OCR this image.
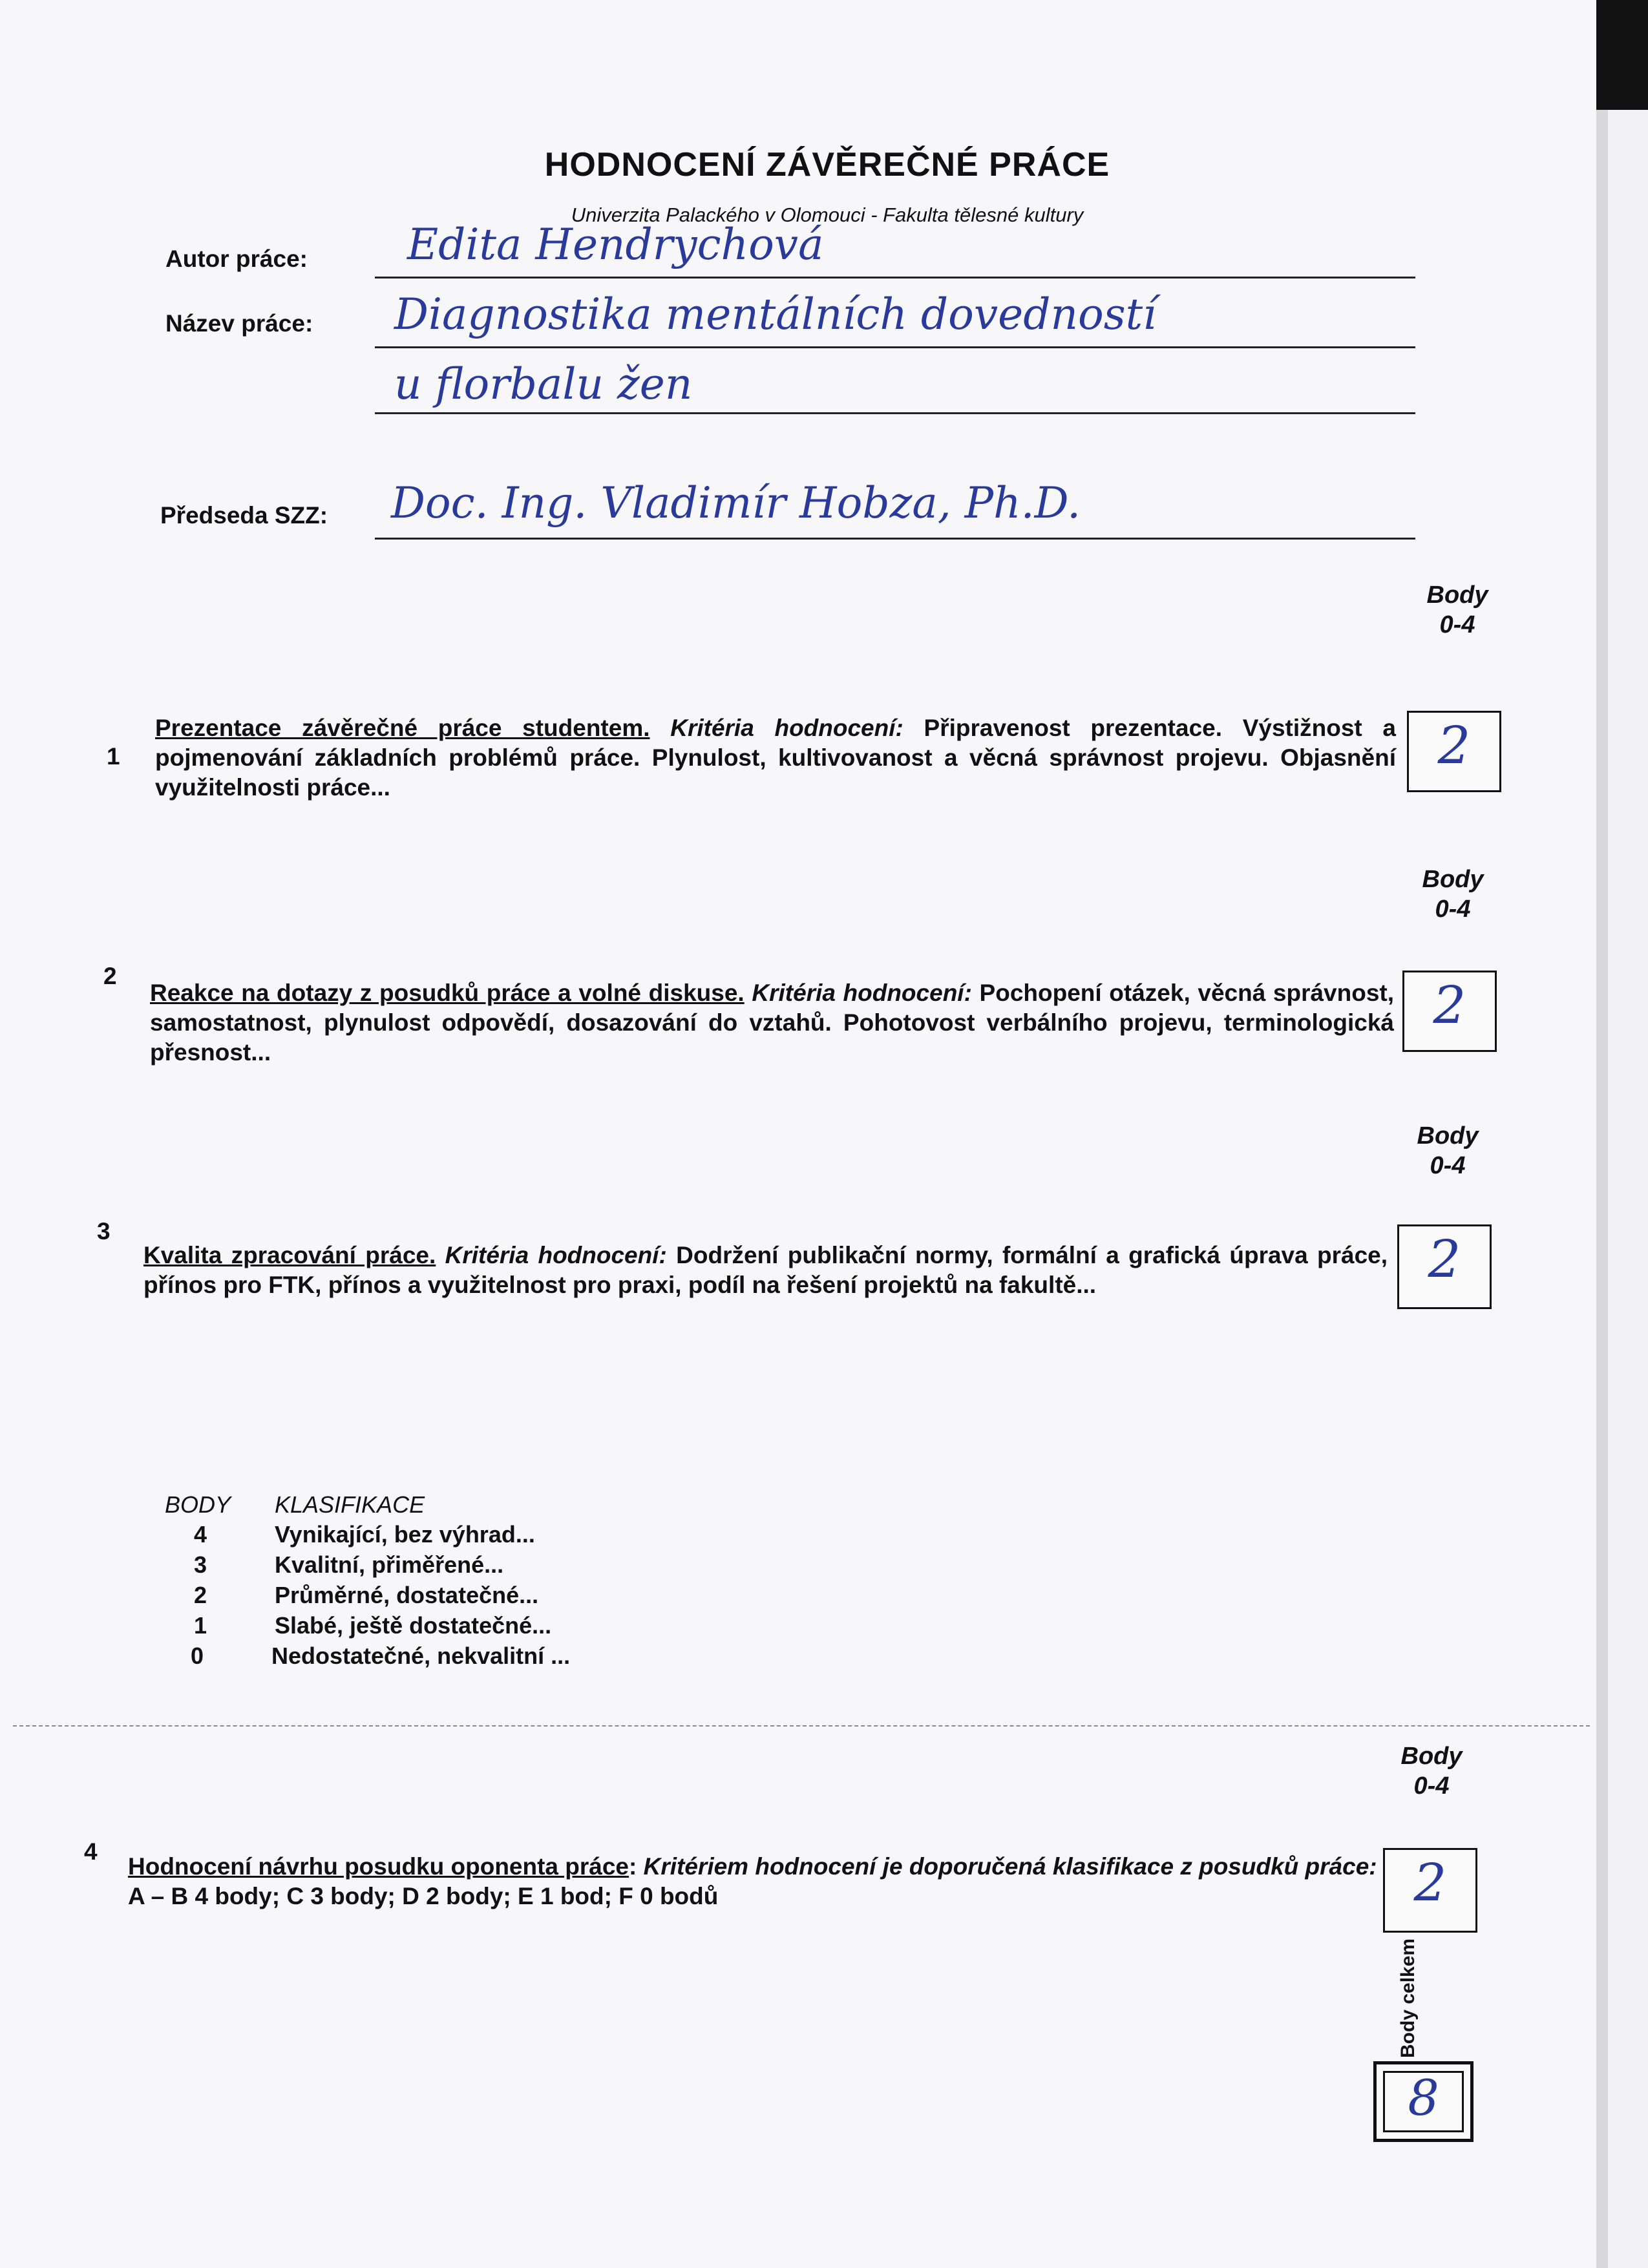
HODNOCENÍ ZÁVĚREČNÉ PRÁCE
Univerzita Palackého v Olomouci - Fakulta tělesné kultury
Autor práce: Edita Hendrychová
Název práce: Diagnostika mentálních dovedností
u florbalu žen
Předseda SZZ: Doc. Ing. Vladimír Hobza, Ph.D.
Body
0-4
1
Prezentace závěrečné práce studentem. Kritéria hodnocení: Připravenost prezentace. Výstižnost a pojmenování základních problémů práce. Plynulost, kultivovanost a věcná správnost projevu. Objasnění využitelnosti práce...
2
Body
0-4
2
Reakce na dotazy z posudků práce a volné diskuse. Kritéria hodnocení: Pochopení otázek, věcná správnost, samostatnost, plynulost odpovědí, dosazování do vztahů. Pohotovost verbálního projevu, terminologická přesnost...
2
Body
0-4
3
Kvalita zpracování práce. Kritéria hodnocení: Dodržení publikační normy, formální a grafická úprava práce, přínos pro FTK, přínos a využitelnost pro praxi, podíl na řešení projektů na fakultě...	2
BODY KLASIFIKACE
4	Vynikající, bez výhrad...
3	Kvalitní, přiměřené...
2	Průměrné, dostatečné...
1	Slabé, ještě dostatečné...
0	Nedostatečné, nekvalitní ...
Body
0-4
4
Hodnocení návrhu posudku oponenta práce: Kritériem hodnocení je doporučená klasifikace z posudků práce:
A – B 4 body; C 3 body; D 2 body; E 1 bod; F 0 bodů	2
Body celkem
8
